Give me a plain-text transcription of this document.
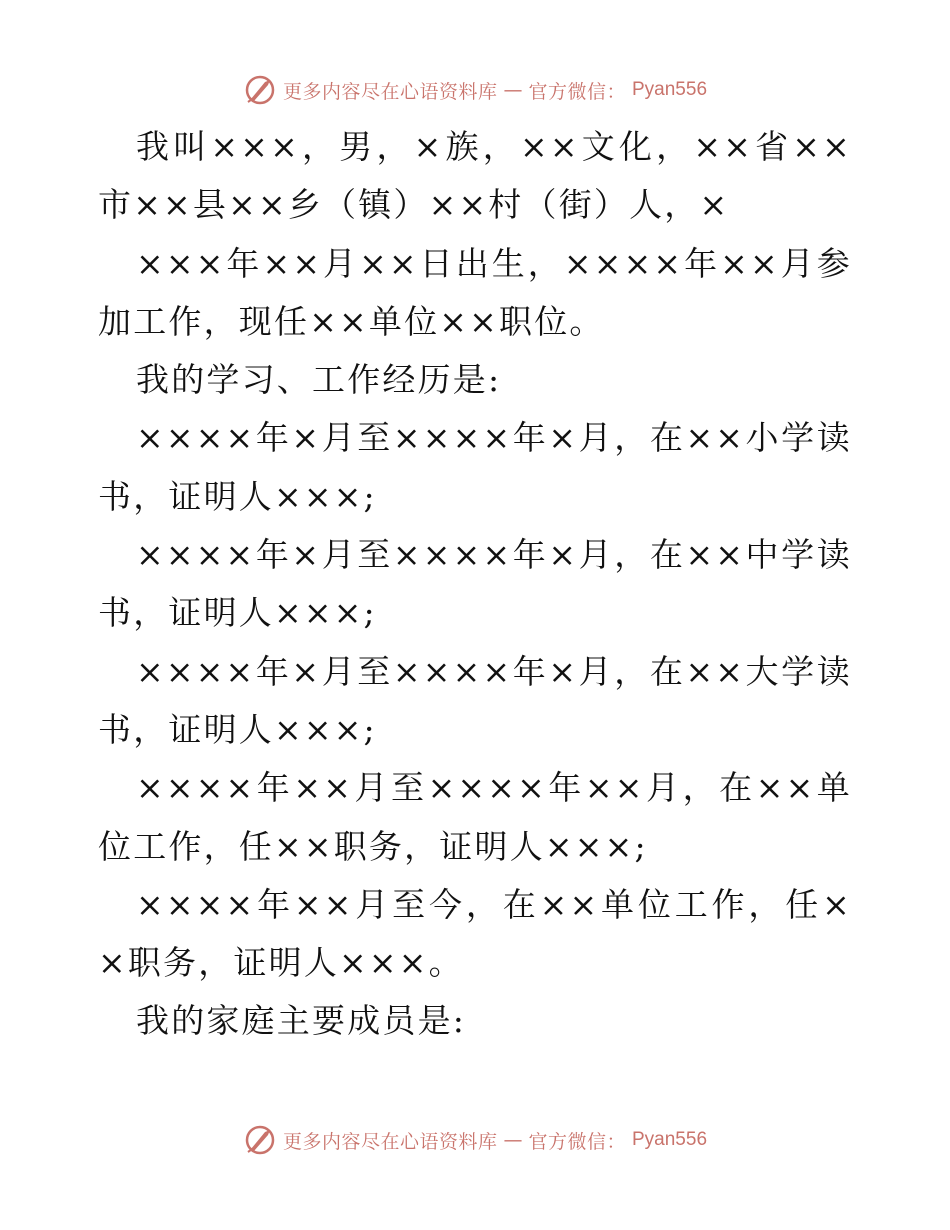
更多内容尽在心语资料库 — 官方微信： Pyan556

我叫×××，男，×族，××文化，××省××市××县××乡（镇）××村（街）人，×

×××年××月××日出生，××××年××月参加工作，现任××单位××职位。

我的学习、工作经历是:

××××年×月至××××年×月，在××小学读书，证明人×××;

××××年×月至××××年×月，在××中学读书，证明人×××;

××××年×月至××××年×月，在××大学读书，证明人×××;

××××年××月至××××年××月，在××单位工作，任××职务，证明人×××;

××××年××月至今，在××单位工作，任××职务，证明人×××。

我的家庭主要成员是:

更多内容尽在心语资料库 — 官方微信： Pyan556
